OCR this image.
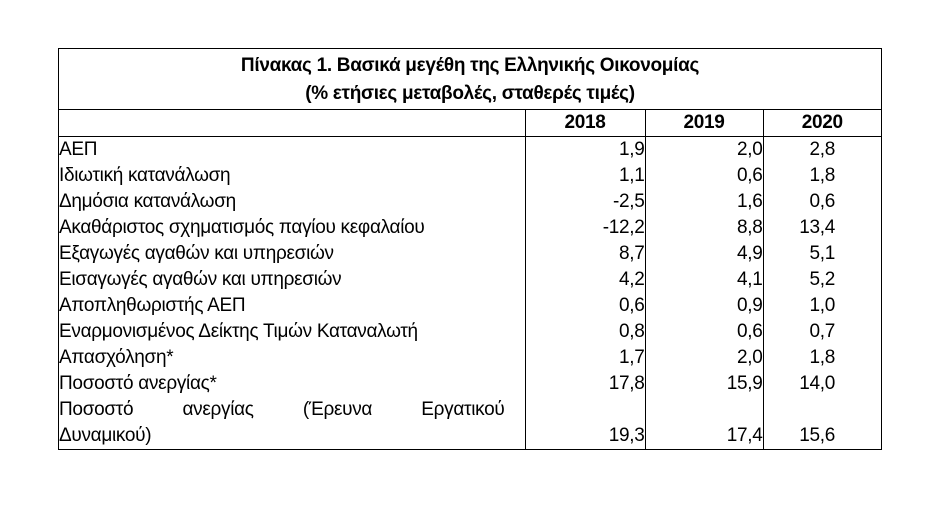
Πίνακας 1. Βασικά μεγέθη της Ελληνικής Οικονομίας
(% ετήσιες μεταβολές, σταθερές τιμές)
	2018	2019	2020
ΑΕΠ	1,9	2,0	2,8
Ιδιωτική κατανάλωση	1,1	0,6	1,8
Δημόσια κατανάλωση	-2,5	1,6	0,6
Ακαθάριστος σχηματισμός παγίου κεφαλαίου	-12,2	8,8	13,4
Εξαγωγές αγαθών και υπηρεσιών	8,7	4,9	5,1
Εισαγωγές αγαθών και υπηρεσιών	4,2	4,1	5,2
Αποπληθωριστής ΑΕΠ	0,6	0,9	1,0
Εναρμονισμένος Δείκτης Τιμών Καταναλωτή	0,8	0,6	0,7
Απασχόληση*	1,7	2,0	1,8
Ποσοστό ανεργίας*	17,8	15,9	14,0

Ποσοστό ανεργίας (Έρευνα Εργατικού
Δυναμικού)	19,3	17,4	15,6
